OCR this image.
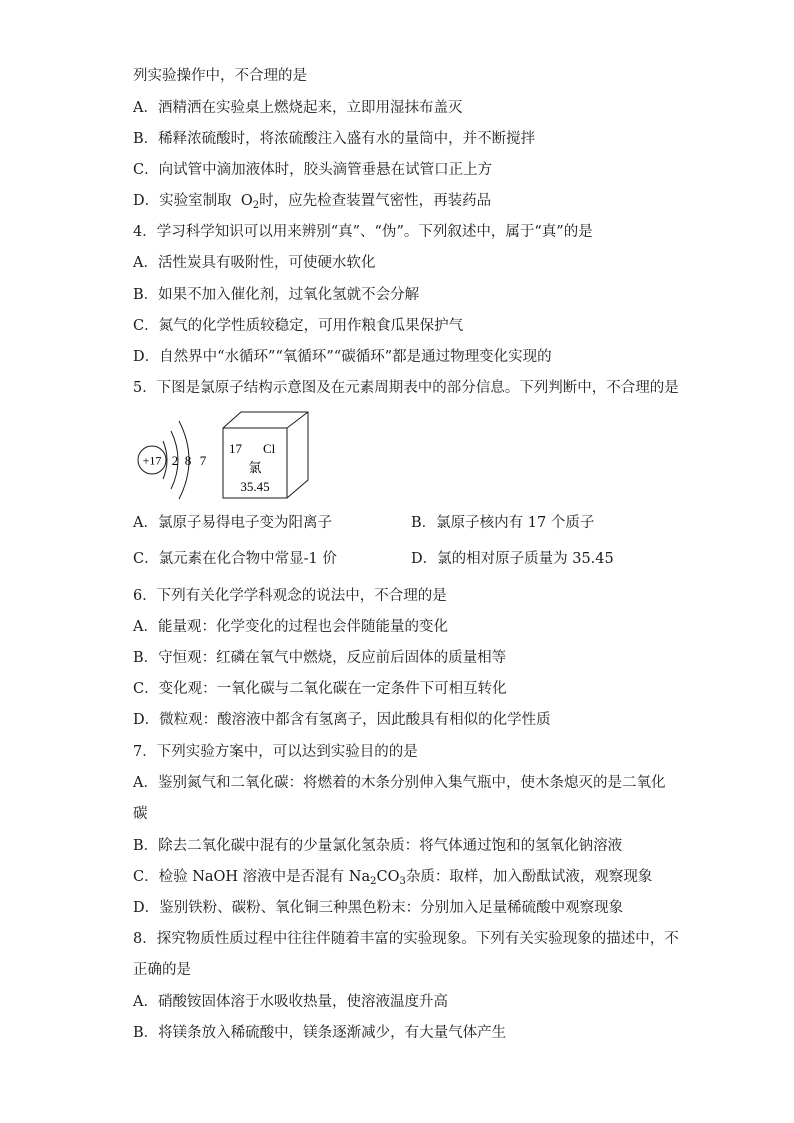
列实验操作中，不合理的是
A．酒精洒在实验桌上燃烧起来，立即用湿抹布盖灭
B．稀释浓硫酸时，将浓硫酸注入盛有水的量筒中，并不断搅拌
C．向试管中滴加液体时，胶头滴管垂悬在试管口正上方
D．实验室制取 $O_2$时，应先检查装置气密性，再装药品
4．学习科学知识可以用来辨别“真”、“伪”。下列叙述中，属于“真”的是
A．活性炭具有吸附性，可使硬水软化
B．如果不加入催化剂，过氧化氢就不会分解
C．氮气的化学性质较稳定，可用作粮食瓜果保护气
D．自然界中“水循环”“氧循环”“碳循环”都是通过物理变化实现的
5．下图是氯原子结构示意图及在元素周期表中的部分信息。下列判断中，不合理的是
+17 2 8 7
17 Cl
氯
35.45
A．氯原子易得电子变为阳离子	B．氯原子核内有 17 个质子
C．氯元素在化合物中常显-1 价	D．氯的相对原子质量为 35.45
6．下列有关化学学科观念的说法中，不合理的是
A．能量观：化学变化的过程也会伴随能量的变化
B．守恒观：红磷在氧气中燃烧，反应前后固体的质量相等
C．变化观：一氧化碳与二氧化碳在一定条件下可相互转化
D．微粒观：酸溶液中都含有氢离子，因此酸具有相似的化学性质
7．下列实验方案中，可以达到实验目的的是
A．鉴别氮气和二氧化碳：将燃着的木条分别伸入集气瓶中，使木条熄灭的是二氧化
碳
B．除去二氧化碳中混有的少量氯化氢杂质：将气体通过饱和的氢氧化钠溶液
C．检验 NaOH 溶液中是否混有 $Na_2CO_3$杂质：取样，加入酚酞试液，观察现象
D．鉴别铁粉、碳粉、氧化铜三种黑色粉末：分别加入足量稀硫酸中观察现象
8．探究物质性质过程中往往伴随着丰富的实验现象。下列有关实验现象的描述中，不
正确的是
A．硝酸铵固体溶于水吸收热量，使溶液温度升高
B．将镁条放入稀硫酸中，镁条逐渐减少，有大量气体产生
